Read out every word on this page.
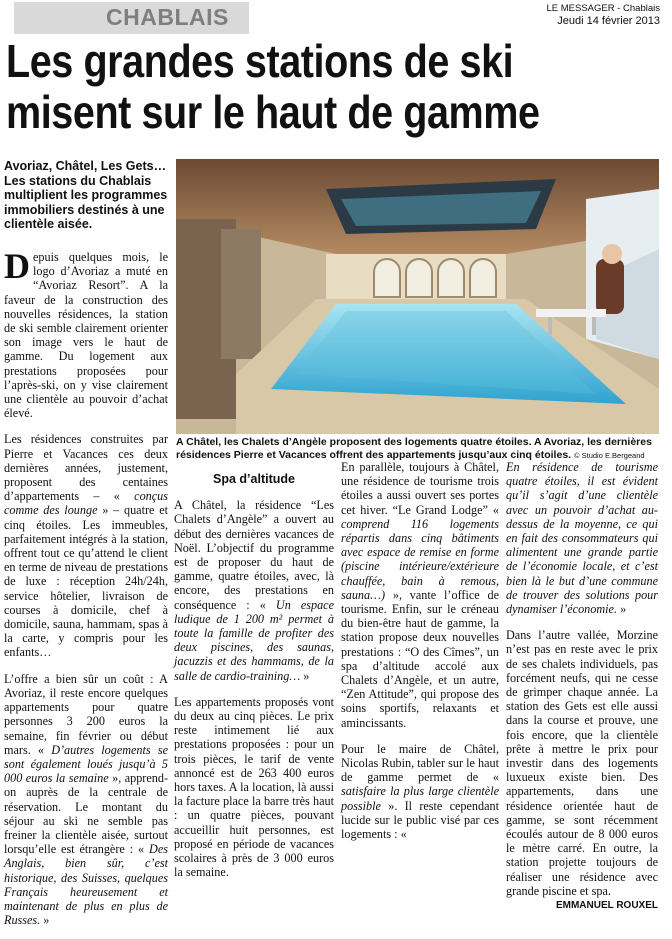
CHABLAIS	LE MESSAGER - Chablais
Jeudi 14 février 2013
Les grandes stations de ski
misent sur le haut de gamme
Avoriaz, Châtel, Les Gets… Les stations du Chablais multiplient les programmes immobiliers destinés à une clientèle aisée.
A Châtel, les Chalets d’Angèle proposent des logements quatre étoiles. A Avoriaz, les dernières résidences Pierre et Vacances offrent des appartements jusqu’aux cinq étoiles. © Studio E.Bergeand

Depuis quelques mois, le logo d’Avoriaz a muté en “Avoriaz Resort”. A la faveur de la construction des nouvelles résidences, la station de ski semble clairement orienter son image vers le haut de gamme. Du logement aux prestations proposées pour l’après-ski, on y vise clairement une clientèle au pouvoir d’achat élevé.

Les résidences construites par Pierre et Vacances ces deux dernières années, justement, proposent des centaines d’appartements – « conçus comme des lounge » – quatre et cinq étoiles. Les immeubles, parfaitement intégrés à la station, offrent tout ce qu’attend le client en terme de niveau de prestations de luxe : réception 24h/24h, service hôtelier, livraison de courses à domicile, chef à domicile, sauna, hammam, spas à la carte, y compris pour les enfants…

L’offre a bien sûr un coût : A Avoriaz, il reste encore quelques appartements pour quatre personnes 3 200 euros la semaine, fin février ou début mars. « D’autres logements se sont également loués jusqu’à 5 000 euros la semaine », apprend-on auprès de la centrale de réservation. Le montant du séjour au ski ne semble pas freiner la clientèle aisée, surtout lorsqu’elle est étrangère : « Des Anglais, bien sûr, c’est historique, des Suisses, quelques Français heureusement et maintenant de plus en plus de Russes. »

Spa d’altitude

A Châtel, la résidence “Les Chalets d’Angèle” a ouvert au début des dernières vacances de Noël. L’objectif du programme est de proposer du haut de gamme, quatre étoiles, avec, là encore, des prestations en conséquence : « Un espace ludique de 1 200 m² permet à toute la famille de profiter des deux piscines, des saunas, jacuzzis et des hammams, de la salle de cardio-training… »

Les appartements proposés vont du deux au cinq pièces. Le prix reste intimement lié aux prestations proposées : pour un trois pièces, le tarif de vente annoncé est de 263 400 euros hors taxes. A la location, là aussi la facture place la barre très haut : un quatre pièces, pouvant accueillir huit personnes, est proposé en période de vacances scolaires à près de 3 000 euros la semaine.

En parallèle, toujours à Châtel, une résidence de tourisme trois étoiles a aussi ouvert ses portes cet hiver. “Le Grand Lodge” « comprend 116 logements répartis dans cinq bâtiments avec espace de remise en forme (piscine intérieure/extérieure chauffée, bain à remous, sauna…) », vante l’office de tourisme. Enfin, sur le créneau du bien-être haut de gamme, la station propose deux nouvelles prestations : “O des Cîmes”, un spa d’altitude accolé aux Chalets d’Angèle, et un autre, “Zen Attitude”, qui propose des soins sportifs, relaxants et amincissants.

Pour le maire de Châtel, Nicolas Rubin, tabler sur le haut de gamme permet de « satisfaire la plus large clientèle possible ». Il reste cependant lucide sur le public visé par ces logements : «

En résidence de tourisme quatre étoiles, il est évident qu’il s’agit d’une clientèle avec un pouvoir d’achat au-dessus de la moyenne, ce qui en fait des consommateurs qui alimentent une grande partie de l’économie locale, et c’est bien là le but d’une commune de trouver des solutions pour dynamiser l’économie. »

Dans l’autre vallée, Morzine n’est pas en reste avec le prix de ses chalets individuels, pas forcément neufs, qui ne cesse de grimper chaque année. La station des Gets est elle aussi dans la course et prouve, une fois encore, que la clientèle prête à mettre le prix pour investir dans des logements luxueux existe bien. Des appartements, dans une résidence orientée haut de gamme, se sont récemment écoulés autour de 8 000 euros le mètre carré. En outre, la station projette toujours de réaliser une résidence avec grande piscine et spa.

EMMANUEL ROUXEL
